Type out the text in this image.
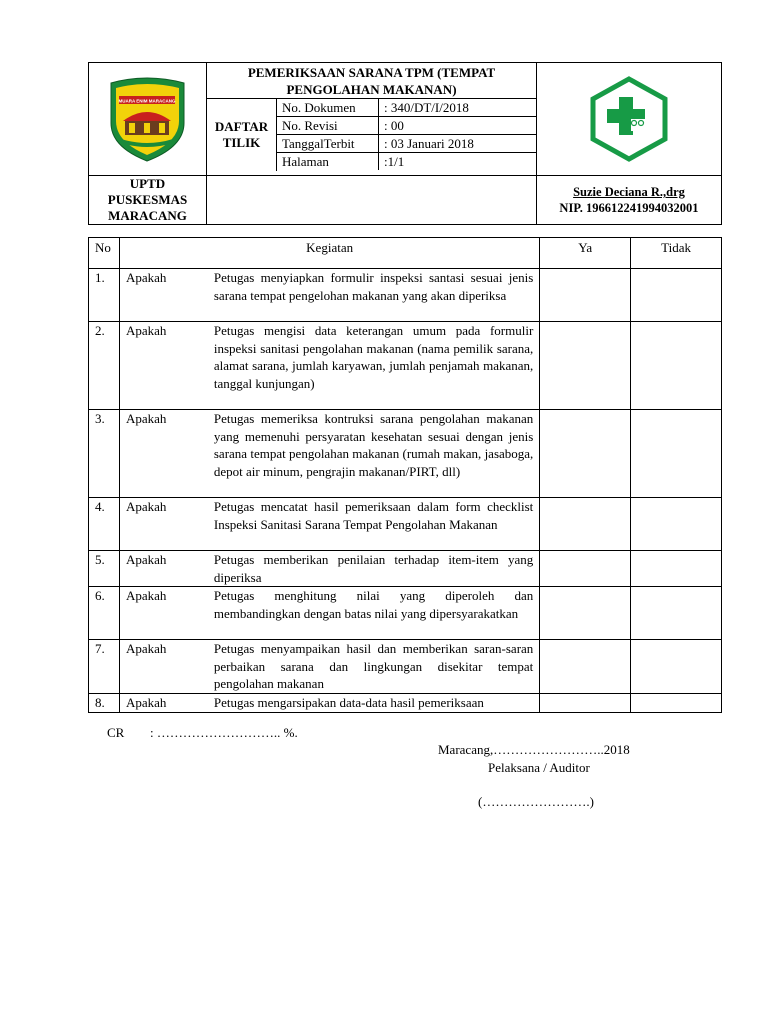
MUARA ENIM MARACANG

PEMERIKSAAN SARANA TPM (TEMPAT
PENGOLAHAN MAKANAN)
DAFTAR
TILIK

No. Dokumen	: 340/DT/I/2018
No. Revisi	: 00
TanggalTerbit	: 03 Januari 2018
Halaman	:1/1

UPTD
PUSKESMAS
MARACANG

Suzie Deciana R.,drg
NIP. 196612241994032001
No	Kegiatan		Ya	Tidak
1.	Apakah	Petugas menyiapkan formulir inspeksi santasi sesuai jenis sarana tempat pengelohan makanan yang akan diperiksa		
2.	Apakah	Petugas mengisi data keterangan umum pada formulir inspeksi sanitasi pengolahan makanan (nama pemilik sarana, alamat sarana, jumlah karyawan, jumlah penjamah makanan, tanggal kunjungan)		
3.	Apakah	Petugas memeriksa kontruksi sarana pengolahan makanan yang memenuhi persyaratan kesehatan sesuai dengan jenis sarana tempat pengolahan makanan (rumah makan, jasaboga, depot air minum, pengrajin makanan/PIRT, dll)		
4.	Apakah	Petugas mencatat hasil pemeriksaan dalam form checklist Inspeksi Sanitasi Sarana Tempat Pengolahan Makanan		
5.	Apakah	Petugas memberikan penilaian terhadap item-item yang diperiksa		
6.	Apakah	Petugas menghitung nilai yang diperoleh dan membandingkan dengan batas nilai yang dipersyarakatkan		
7.	Apakah	Petugas menyampaikan hasil dan memberikan saran-saran perbaikan sarana dan lingkungan disekitar tempat pengolahan makanan		
8.	Apakah	Petugas mengarsipakan data-data hasil pemeriksaan		
CR : ……………………….. %.
Maracang,……………………..2018
Pelaksana / Auditor
(…………………….)
